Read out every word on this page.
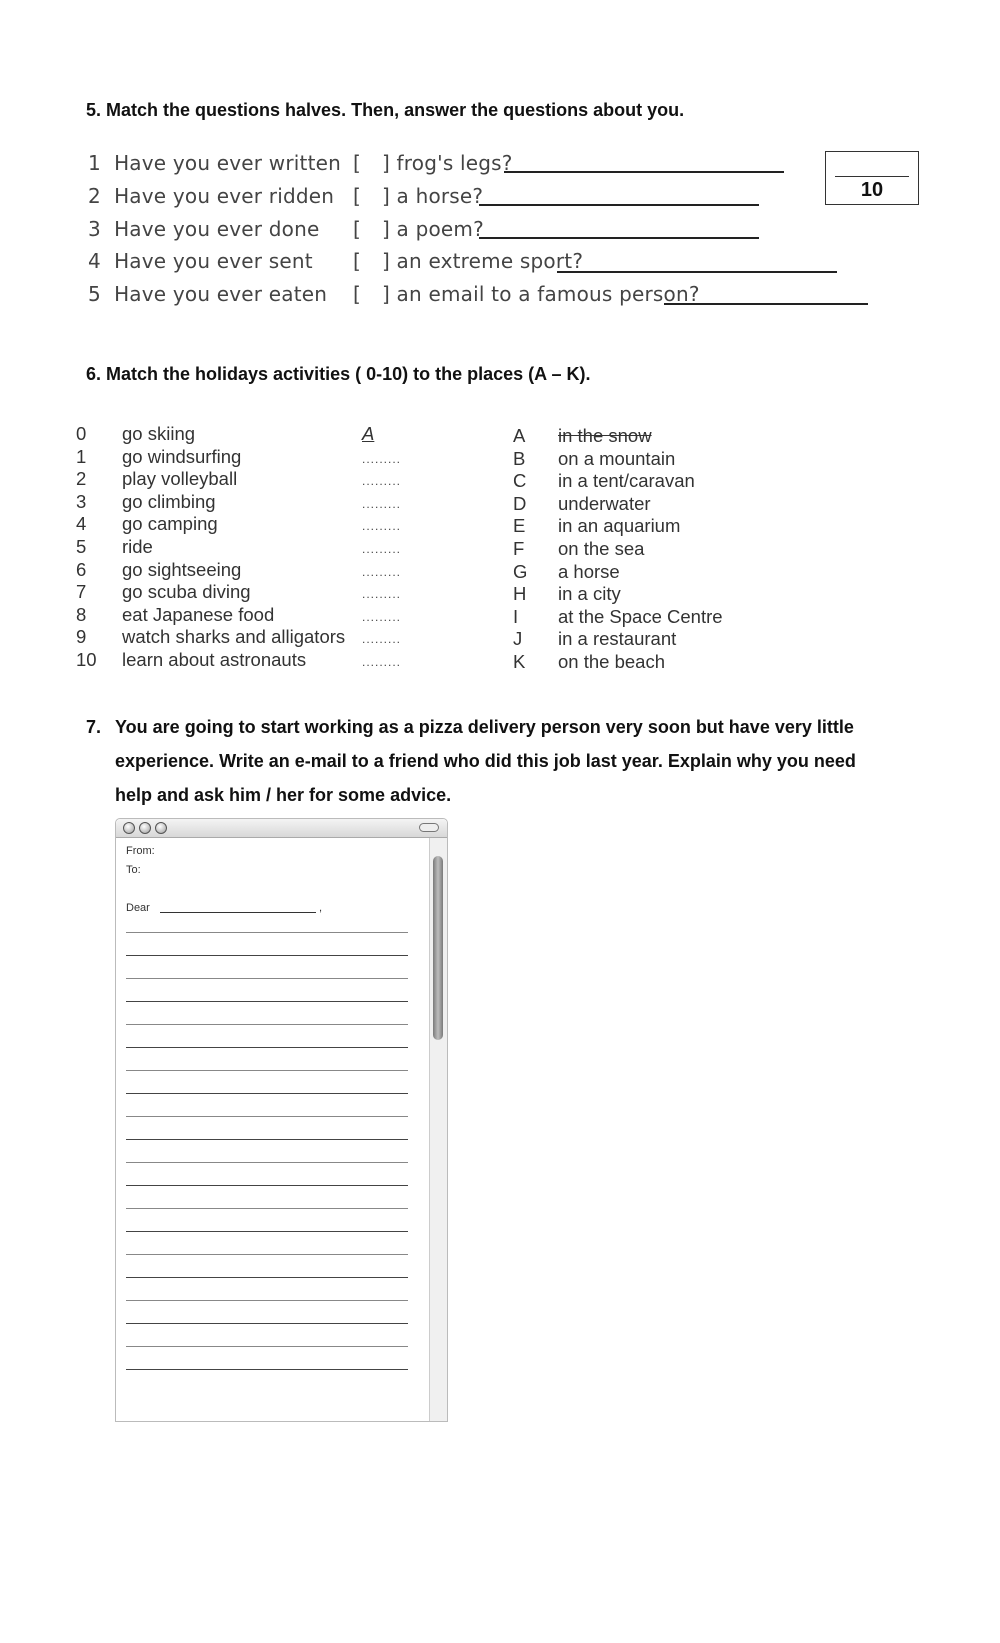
5. Match the questions halves. Then, answer the questions about you.
1 Have you ever written
2 Have you ever ridden
3 Have you ever done
4 Have you ever sent
5 Have you ever eaten
[
[
[
[
[
] frog's legs?
] a horse?
] a poem?
] an extreme sport?
] an email to a famous person?
10
6. Match the holidays activities ( 0-10) to the places (A – K).
0
1
2
3
4
5
6
7
8
9
10
go skiing
go windsurfing
play volleyball
go climbing
go camping
ride
go sightseeing
go scuba diving
eat Japanese food
watch sharks and alligators
learn about astronauts
A
.........
.........
.........
.........
.........
.........
.........
.........
.........
.........
A
B
C
D
E
F
G
H
I
J
K
in the snow
on a mountain
in a tent/caravan
underwater
in an aquarium
on the sea
a horse
in a city
at the Space Centre
in a restaurant
on the beach
7. You are going to start working as a pizza delivery person very soon but have very little
experience. Write an e-mail to a friend who did this job last year. Explain why you need
help and ask him / her for some advice.
From:
To:
Dear	,
